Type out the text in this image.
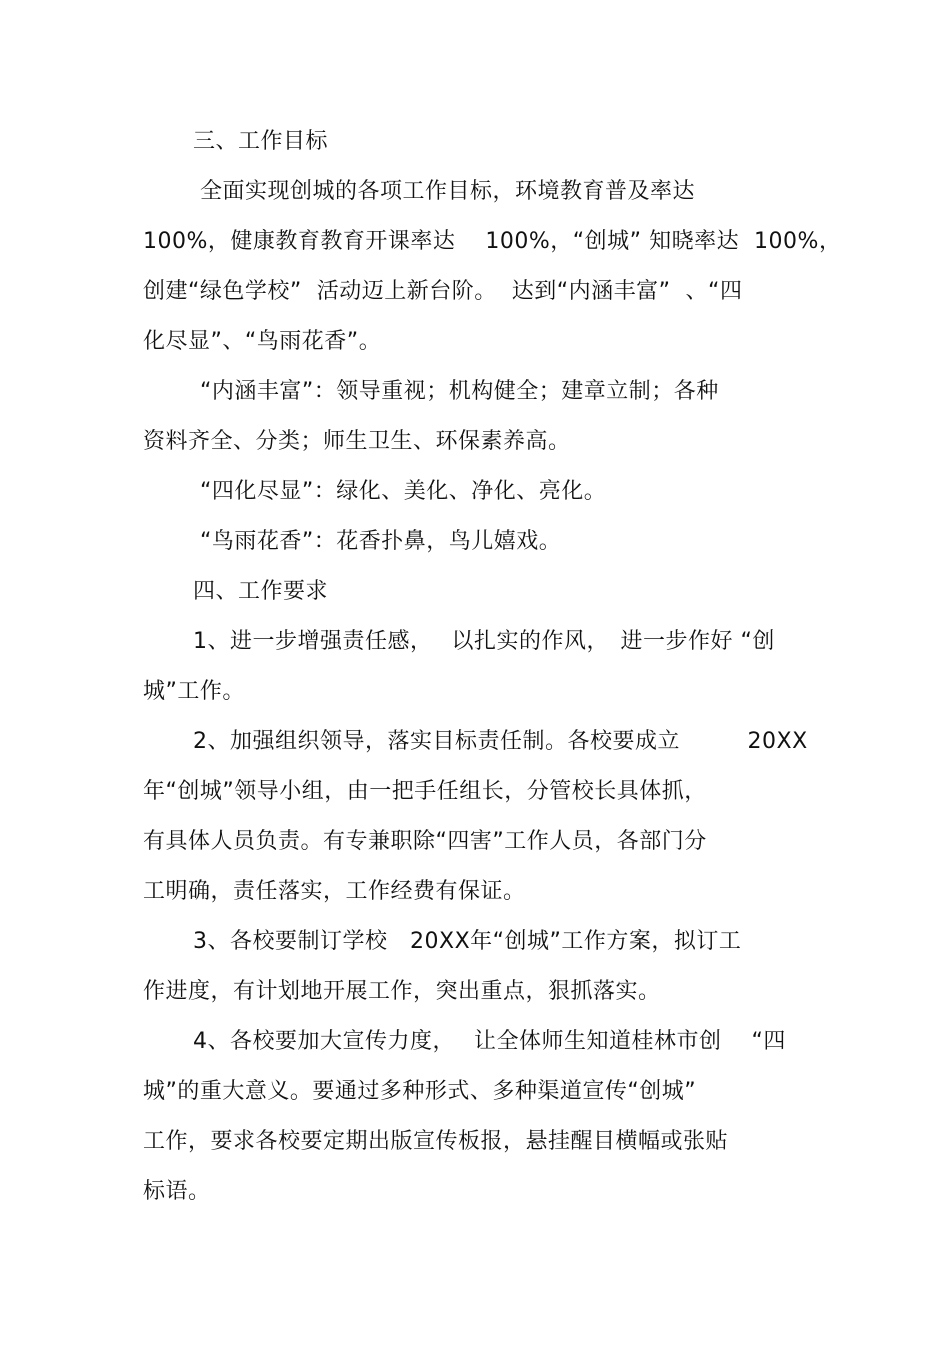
三、工作目标
全面实现创城的各项工作目标，环境教育普及率达
100%，健康教育教育开课率达　 100%，“创城” 知晓率达  100%，
创建“绿色学校”  活动迈上新台阶。  达到“内涵丰富”  、“四
化尽显”、“鸟雨花香”。
“内涵丰富”：领导重视；机构健全；建章立制；各种
资料齐全、分类；师生卫生、环保素养高。
“四化尽显”：绿化、美化、净化、亮化。
“鸟雨花香”：花香扑鼻，鸟儿嬉戏。
四、工作要求
1、进一步增强责任感，　 以扎实的作风，　进一步作好 “创
城”工作。
2、加强组织领导，落实目标责任制。各校要成立　　　20XX
年“创城”领导小组，由一把手任组长，分管校长具体抓，
有具体人员负责。有专兼职除“四害”工作人员，各部门分
工明确，责任落实，工作经费有保证。
3、各校要制订学校　20XX年“创城”工作方案，拟订工
作进度，有计划地开展工作，突出重点，狠抓落实。
4、各校要加大宣传力度，　 让全体师生知道桂林市创　 “四
城”的重大意义。要通过多种形式、多种渠道宣传“创城”
工作，要求各校要定期出版宣传板报，悬挂醒目横幅或张贴
标语。
